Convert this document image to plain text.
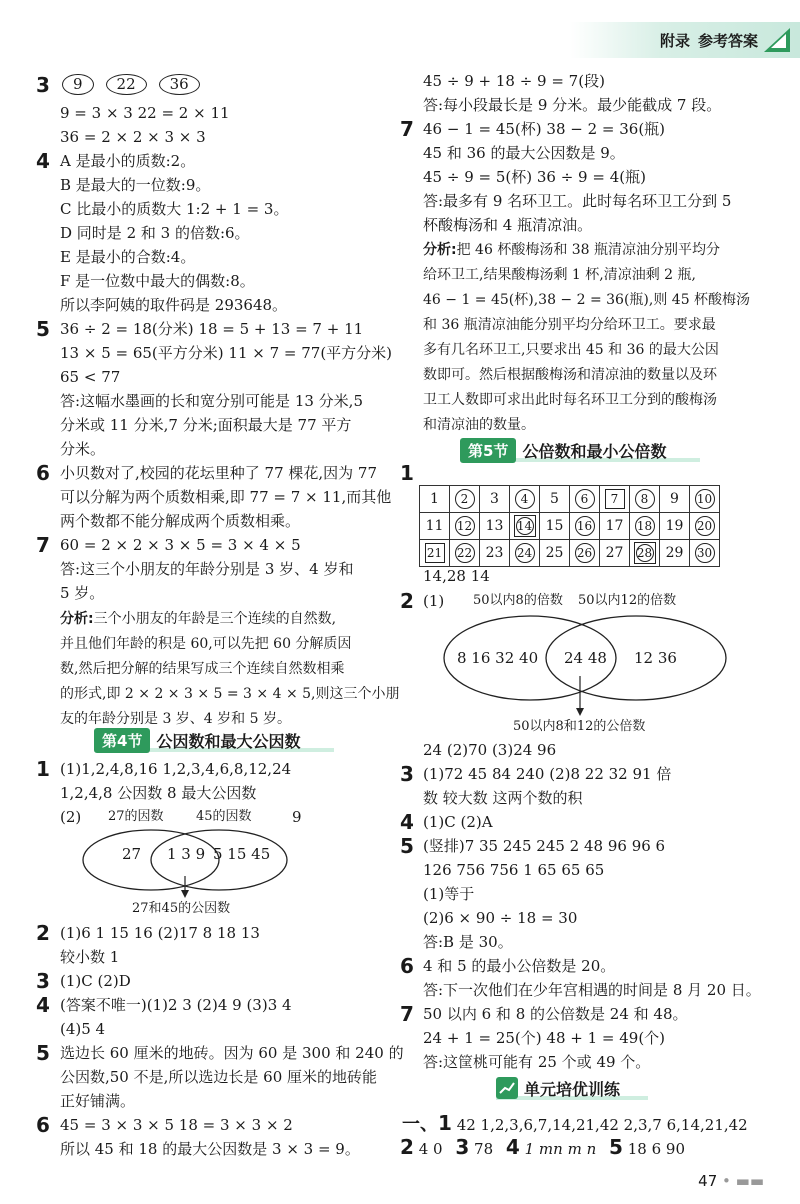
附录 参考答案
3	9 22 36
9 = 3 × 3 22 = 2 × 11
36 = 2 × 2 × 3 × 3
4 A 是最小的质数:2。
B 是最大的一位数:9。
C 比最小的质数大 1:2 + 1 = 3。
D 同时是 2 和 3 的倍数:6。
E 是最小的合数:4。
F 是一位数中最大的偶数:8。
所以李阿姨的取件码是 293648。
5 36 ÷ 2 = 18(分米) 18 = 5 + 13 = 7 + 11
13 × 5 = 65(平方分米) 11 × 7 = 77(平方分米)
65 < 77
答:这幅水墨画的长和宽分别可能是 13 分米,5
分米或 11 分米,7 分米;面积最大是 77 平方
分米。
6 小贝数对了,校园的花坛里种了 77 棵花,因为 77
可以分解为两个质数相乘,即 77 = 7 × 11,而其他
两个数都不能分解成两个质数相乘。
7 60 = 2 × 2 × 3 × 5 = 3 × 4 × 5
答:这三个小朋友的年龄分别是 3 岁、4 岁和
5 岁。
分析:三个小朋友的年龄是三个连续的自然数,
并且他们年龄的积是 60,可以先把 60 分解质因
数,然后把分解的结果写成三个连续自然数相乘
的形式,即 2 × 2 × 3 × 5 = 3 × 4 × 5,则这三个小朋
友的年龄分别是 3 岁、4 岁和 5 岁。
第4节 公因数和最大公因数
1 (1)1,2,4,8,16 1,2,3,4,6,8,12,24
1,2,4,8 公因数 8 最大公因数
(2) 27的因数 45的因数	9
27 1 3 9 5 15 45
27和45的公因数
2 (1)6 1 15 16 (2)17 8 18 13
较小数 1
3 (1)C (2)D
4 (答案不唯一)(1)2 3 (2)4 9 (3)3 4
(4)5 4
5 选边长 60 厘米的地砖。因为 60 是 300 和 240 的
公因数,50 不是,所以选边长是 60 厘米的地砖能
正好铺满。
6 45 = 3 × 3 × 5 18 = 3 × 3 × 2
所以 45 和 18 的最大公因数是 3 × 3 = 9。
45 ÷ 9 + 18 ÷ 9 = 7(段)
答:每小段最长是 9 分米。最少能截成 7 段。
7 46 − 1 = 45(杯) 38 − 2 = 36(瓶)
45 和 36 的最大公因数是 9。
45 ÷ 9 = 5(杯) 36 ÷ 9 = 4(瓶)
答:最多有 9 名环卫工。此时每名环卫工分到 5
杯酸梅汤和 4 瓶清凉油。
分析:把 46 杯酸梅汤和 38 瓶清凉油分别平均分
给环卫工,结果酸梅汤剩 1 杯,清凉油剩 2 瓶,
46 − 1 = 45(杯),38 − 2 = 36(瓶),则 45 杯酸梅汤
和 36 瓶清凉油能分别平均分给环卫工。要求最
多有几名环卫工,只要求出 45 和 36 的最大公因
数即可。然后根据酸梅汤和清凉油的数量以及环
卫工人数即可求出此时每名环卫工分到的酸梅汤
和清凉油的数量。
第5节 公倍数和最小公倍数
1
1	2	3	4	5	6	7	8	9	10
11	12	13	14	15	16	17	18	19	20
21	22	23	24	25	26	27	28	29	30
14,28 14
2 (1) 50以内8的倍数 50以内12的倍数
8 16 32 40 24 48 12 36
50以内8和12的公倍数
24 (2)70 (3)24 96
3 (1)72 45 84 240 (2)8 22 32 91 倍
数 较大数 这两个数的积
4 (1)C (2)A
5 (竖排)7 35 245 245 2 48 96 96 6
126 756 756 1 65 65 65
(1)等于
(2)6 × 90 ÷ 18 = 30
答:B 是 30。
6 4 和 5 的最小公倍数是 20。
答:下一次他们在少年宫相遇的时间是 8 月 20 日。
7 50 以内 6 和 8 的公倍数是 24 和 48。
24 + 1 = 25(个) 48 + 1 = 49(个)
答:这筐桃可能有 25 个或 49 个。
单元培优训练
一、1 42 1,2,3,6,7,14,21,42 2,3,7 6,14,21,42
2 4 0 3 78 4 1 mn m n 5 18 6 90
47 • ▬▬
